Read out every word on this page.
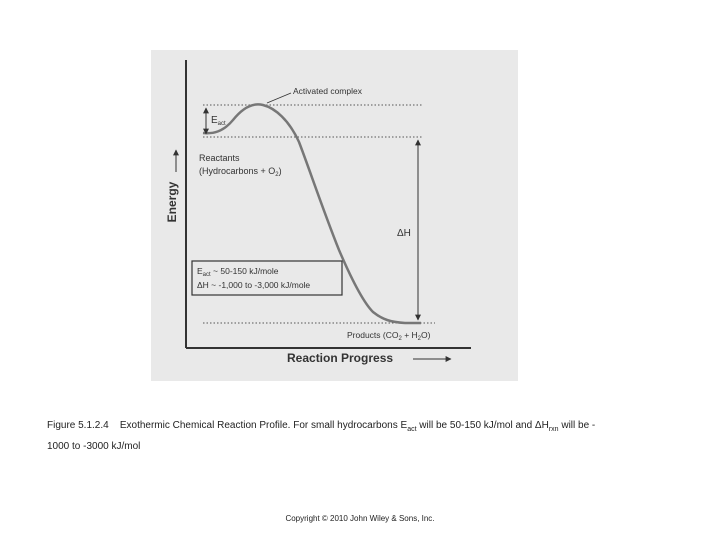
Activated complex
$E_{act}$
Energy
Reactants
(Hydrocarbons + $O_2$)
ΔH
$E_{act}$ ~ 50-150 kJ/mole
ΔH ~ -1,000 to -3,000 kJ/mole
Products $(CO_2 + H_2O)$
Reaction Progress
Figure 5.1.2.4 Exothermic Chemical Reaction Profile. For small hydrocarbons $E_{act}$ will be 50-150 kJ/mol and $\Delta H_{rxn}$ will be -
1000 to -3000 kJ/mol
Copyright © 2010 John Wiley & Sons, Inc.
